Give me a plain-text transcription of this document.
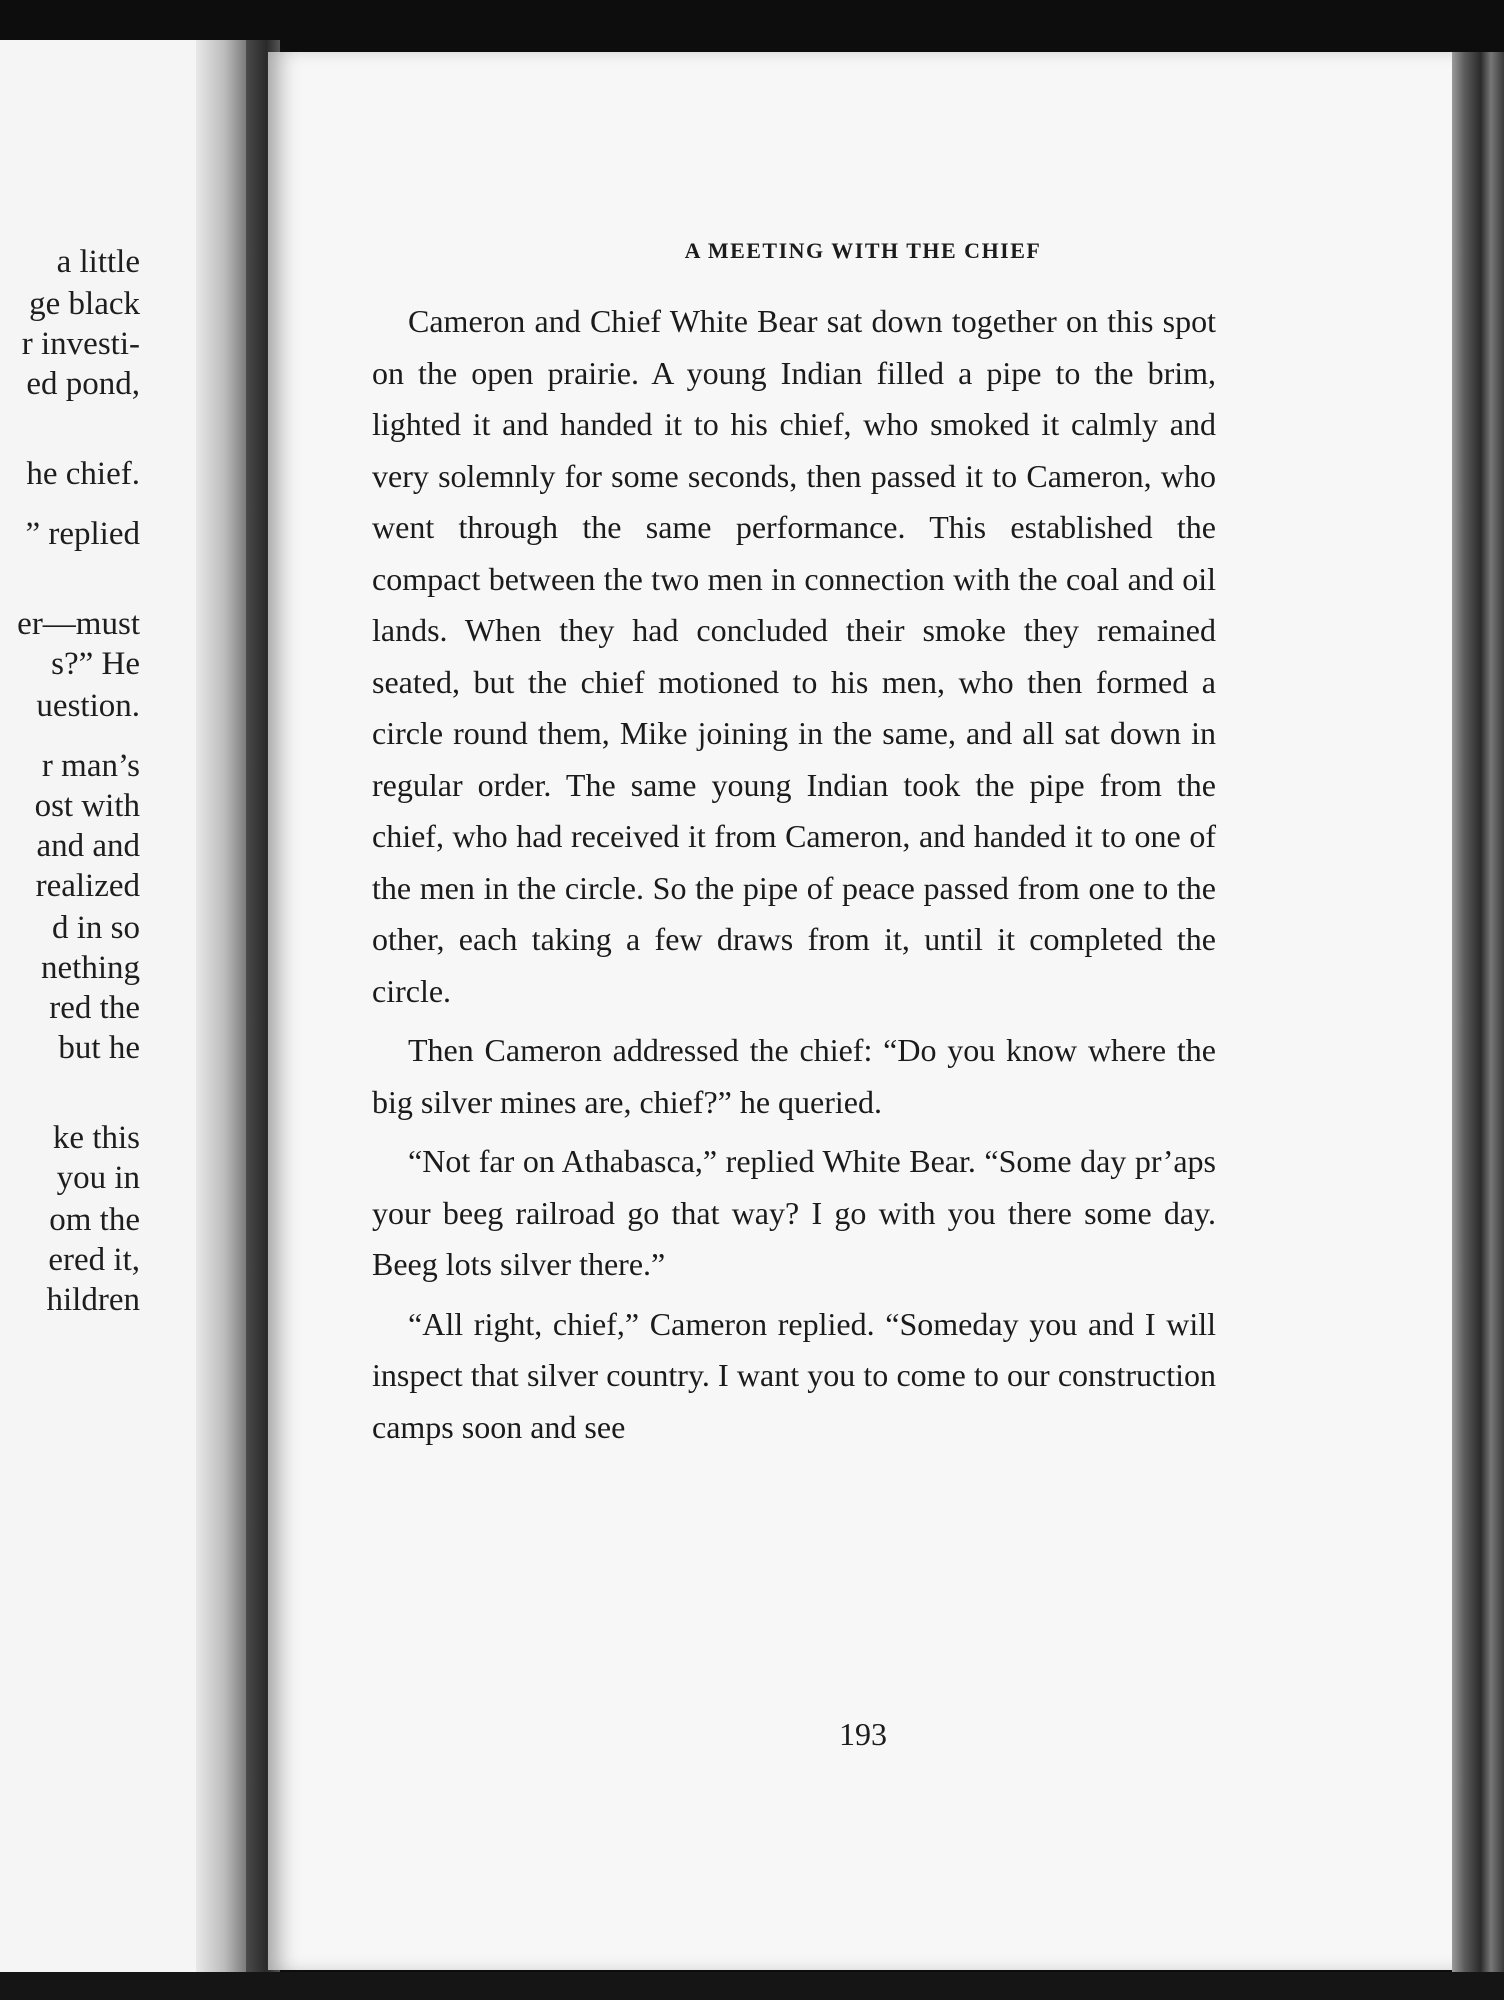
a little
ge black
r investi-
ed pond,
he chief.
” replied
er—must
s?” He
uestion.
r man’s
ost with
and and
realized
d in so
nething
red the
but he
ke this
you in
om the
ered it,
hildren
A MEETING WITH THE CHIEF

Cameron and Chief White Bear sat down together on this spot on the open prairie. A young Indian filled a pipe to the brim, lighted it and handed it to his chief, who smoked it calmly and very solemnly for some seconds, then passed it to Cameron, who went through the same performance. This established the compact between the two men in connection with the coal and oil lands. When they had concluded their smoke they remained seated, but the chief motioned to his men, who then formed a circle round them, Mike joining in the same, and all sat down in regular order. The same young Indian took the pipe from the chief, who had received it from Cameron, and handed it to one of the men in the circle. So the pipe of peace passed from one to the other, each taking a few draws from it, until it completed the circle.

Then Cameron addressed the chief: “Do you know where the big silver mines are, chief?” he queried.

“Not far on Athabasca,” replied White Bear. “Some day pr’aps your beeg railroad go that way? I go with you there some day. Beeg lots silver there.”

“All right, chief,” Cameron replied. “Someday you and I will inspect that silver country. I want you to come to our construction camps soon and see

193
